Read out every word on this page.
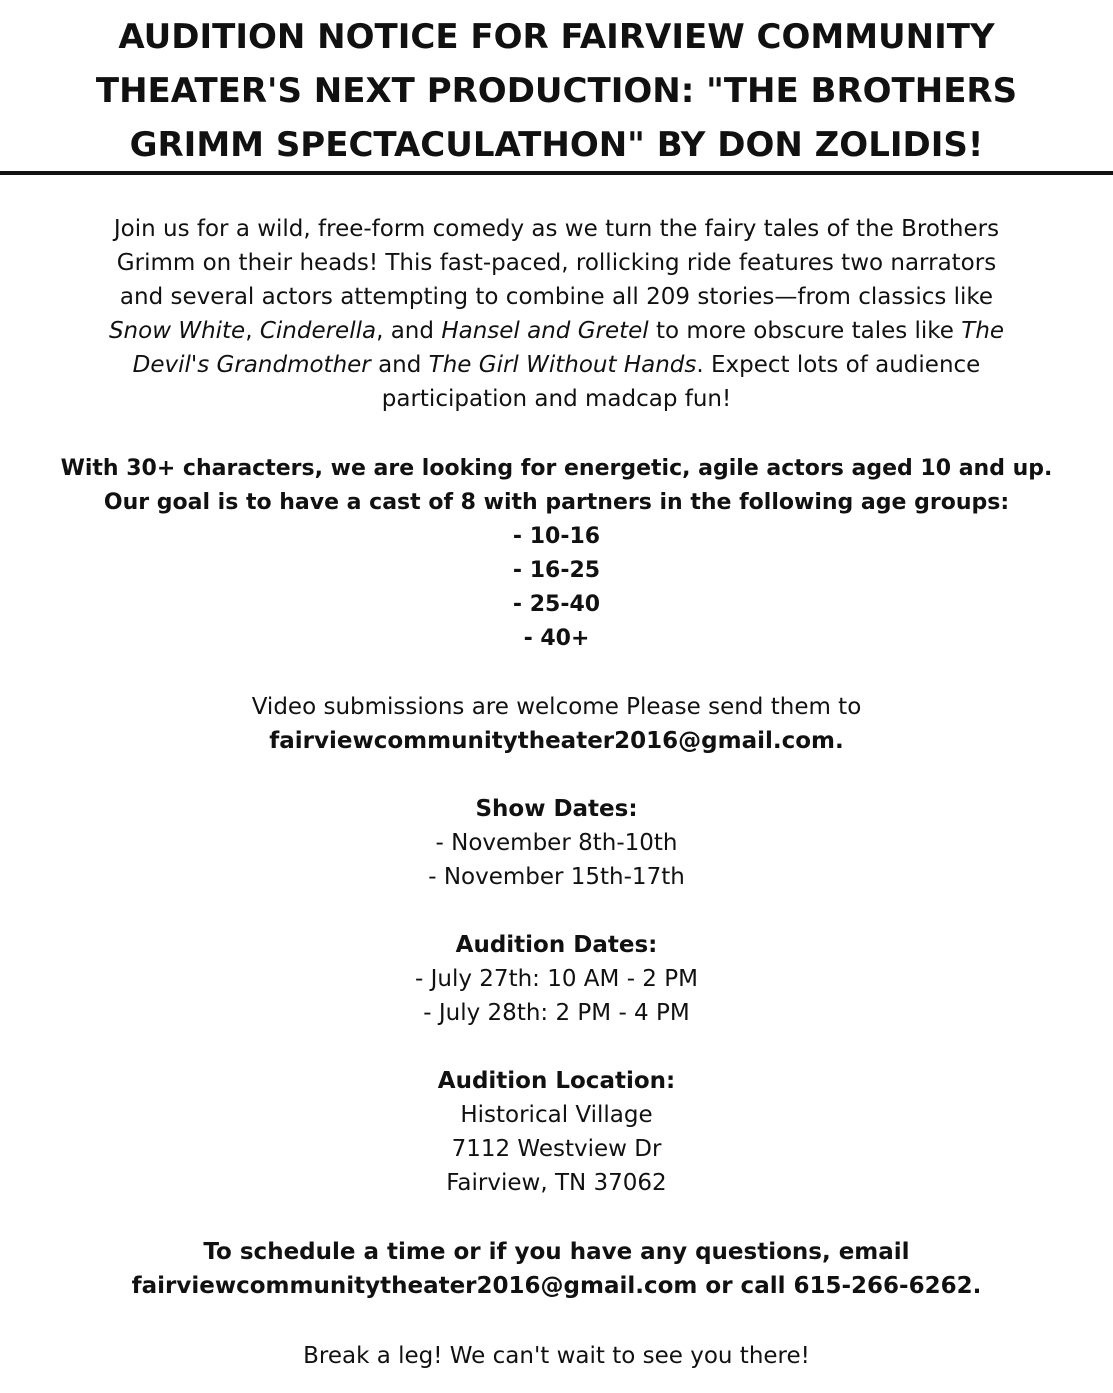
AUDITION NOTICE FOR FAIRVIEW COMMUNITY
THEATER'S NEXT PRODUCTION: "THE BROTHERS
GRIMM SPECTACULATHON" BY DON ZOLIDIS!
Join us for a wild, free-form comedy as we turn the fairy tales of the Brothers
Grimm on their heads! This fast-paced, rollicking ride features two narrators
and several actors attempting to combine all 209 stories—from classics like
Snow White, Cinderella, and Hansel and Gretel to more obscure tales like The
Devil's Grandmother and The Girl Without Hands. Expect lots of audience
participation and madcap fun!
With 30+ characters, we are looking for energetic, agile actors aged 10 and up.
Our goal is to have a cast of 8 with partners in the following age groups:
- 10-16
- 16-25
- 25-40
- 40+
Video submissions are welcome Please send them to
fairviewcommunitytheater2016@gmail.com.
Show Dates:
- November 8th-10th
- November 15th-17th
Audition Dates:
- July 27th: 10 AM - 2 PM
- July 28th: 2 PM - 4 PM
Audition Location:
Historical Village
7112 Westview Dr
Fairview, TN 37062
To schedule a time or if you have any questions, email
fairviewcommunitytheater2016@gmail.com or call 615-266-6262.
Break a leg! We can't wait to see you there!
